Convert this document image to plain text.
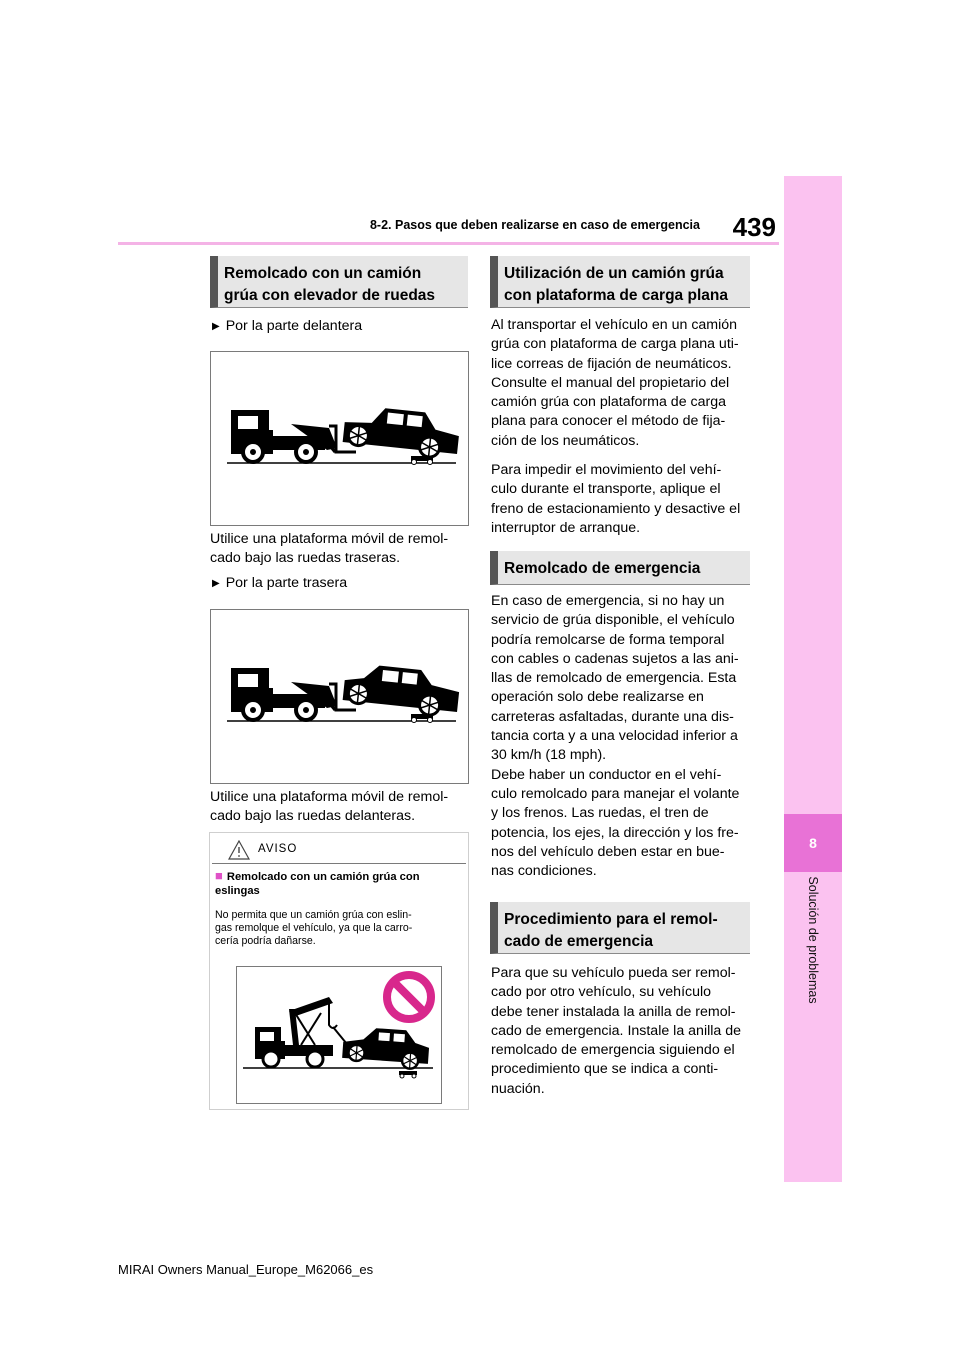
8-2. Pasos que deben realizarse en caso de emergencia	439
8
Solución de problemas
Remolcado con un camión
grúa con elevador de ruedas
▶ Por la parte delantera
Utilice una plataforma móvil de remol-
cado bajo las ruedas traseras.
▶ Por la parte trasera
Utilice una plataforma móvil de remol-
cado bajo las ruedas delanteras.
AVISO
■ Remolcado con un camión grúa con eslingas
No permita que un camión grúa con eslin-
gas remolque el vehículo, ya que la carro-
cería podría dañarse.
Utilización de un camión grúa
con plataforma de carga plana
Al transportar el vehículo en un camión
grúa con plataforma de carga plana uti-
lice correas de fijación de neumáticos.
Consulte el manual del propietario del
camión grúa con plataforma de carga
plana para conocer el método de fija-
ción de los neumáticos.
Para impedir el movimiento del vehí-
culo durante el transporte, aplique el
freno de estacionamiento y desactive el
interruptor de arranque.
Remolcado de emergencia
En caso de emergencia, si no hay un
servicio de grúa disponible, el vehículo
podría remolcarse de forma temporal
con cables o cadenas sujetos a las ani-
llas de remolcado de emergencia. Esta
operación solo debe realizarse en
carreteras asfaltadas, durante una dis-
tancia corta y a una velocidad inferior a
30 km/h (18 mph).
Debe haber un conductor en el vehí-
culo remolcado para manejar el volante
y los frenos. Las ruedas, el tren de
potencia, los ejes, la dirección y los fre-
nos del vehículo deben estar en bue-
nas condiciones.
Procedimiento para el remol-
cado de emergencia
Para que su vehículo pueda ser remol-
cado por otro vehículo, su vehículo
debe tener instalada la anilla de remol-
cado de emergencia. Instale la anilla de
remolcado de emergencia siguiendo el
procedimiento que se indica a conti-
nuación.
MIRAI Owners Manual_Europe_M62066_es
